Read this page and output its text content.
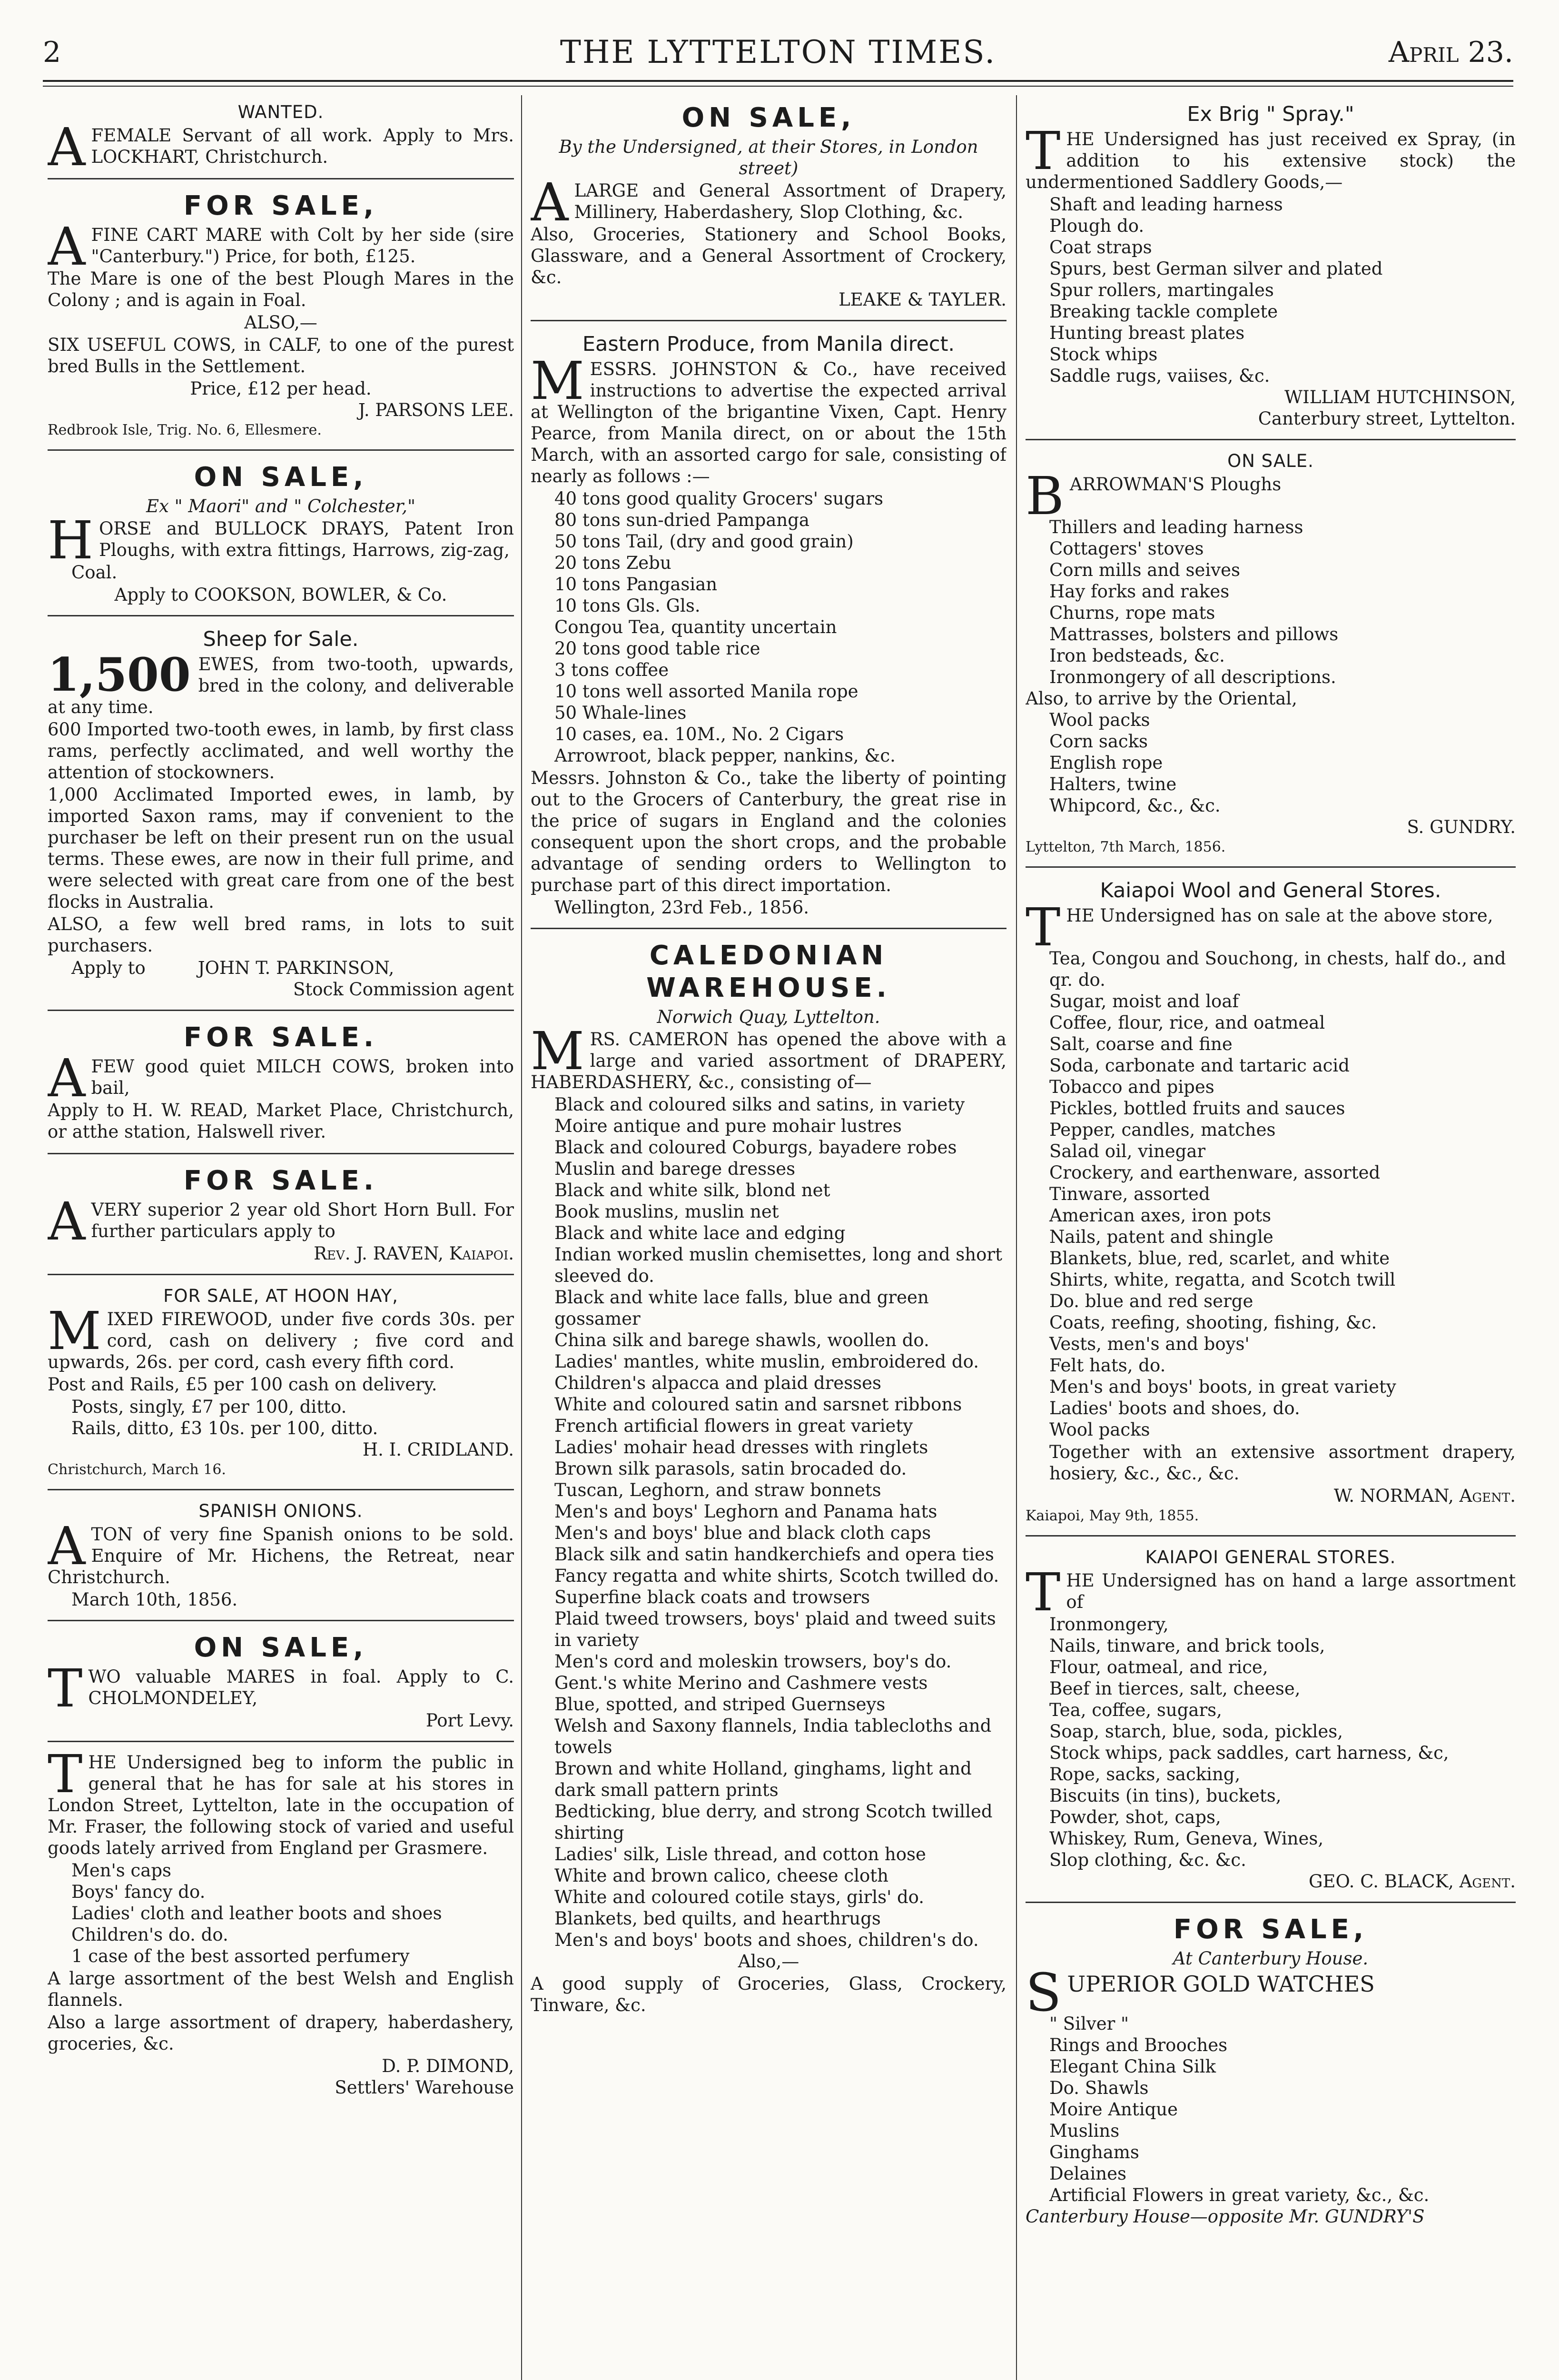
2	THE LYTTELTON TIMES.	April 23.
WANTED.
AFEMALE Servant of all work. Apply to Mrs. LOCKHART, Christchurch.
FOR SALE,
AFINE CART MARE with Colt by her side (sire "Canterbury.") Price, for both, £125.
The Mare is one of the best Plough Mares in the Colony ; and is again in Foal.
ALSO,—
SIX USEFUL COWS, in CALF, to one of the purest bred Bulls in the Settlement.
Price, £12 per head.
J. PARSONS LEE.
Redbrook Isle, Trig. No. 6, Ellesmere.
ON SALE,
Ex " Maori" and " Colchester,"
HORSE and BULLOCK DRAYS, Patent Iron Ploughs, with extra fittings, Harrows, zig-zag,
Coal.
Apply to COOKSON, BOWLER, & Co.
Sheep for Sale.
1,500 EWES, from two-tooth, upwards, bred in the colony, and deliverable at any time.
600 Imported two-tooth ewes, in lamb, by first class rams, perfectly acclimated, and well worthy the attention of stockowners.
1,000 Acclimated Imported ewes, in lamb, by imported Saxon rams, may if convenient to the purchaser be left on their present run on the usual terms. These ewes, are now in their full prime, and were selected with great care from one of the best flocks in Australia.
ALSO, a few well bred rams, in lots to suit purchasers.
Apply to	JOHN T. PARKINSON,
Stock Commission agent
FOR SALE.
AFEW good quiet MILCH COWS, broken into bail,
Apply to H. W. READ, Market Place, Christchurch, or atthe station, Halswell river.
FOR SALE.
AVERY superior 2 year old Short Horn Bull. For further particulars apply to
Rev. J. RAVEN, Kaiapoi.
FOR SALE, AT HOON HAY,
MIXED FIREWOOD, under five cords 30s. per cord, cash on delivery ; five cord and upwards, 26s. per cord, cash every fifth cord.
Post and Rails, £5 per 100 cash on delivery.
Posts, singly, £7 per 100, ditto.
Rails, ditto, £3 10s. per 100, ditto.
H. I. CRIDLAND.
Christchurch, March 16.
SPANISH ONIONS.
ATON of very fine Spanish onions to be sold. Enquire of Mr. Hichens, the Retreat, near Christchurch.
March 10th, 1856.
ON SALE,
TWO valuable MARES in foal. Apply to C. CHOLMONDELEY,
Port Levy.
THE Undersigned beg to inform the public in general that he has for sale at his stores in London Street, Lyttelton, late in the occupation of Mr. Fraser, the following stock of varied and useful goods lately arrived from England per Grasmere.
Men's caps
Boys' fancy do.
Ladies' cloth and leather boots and shoes
Children's do. do.
1 case of the best assorted perfumery
A large assortment of the best Welsh and English flannels.
Also a large assortment of drapery, haberdashery, groceries, &c.
D. P. DIMOND,
Settlers' Warehouse
ON SALE,
By the Undersigned, at their Stores, in London street)
ALARGE and General Assortment of Drapery, Millinery, Haberdashery, Slop Clothing, &c.
Also, Groceries, Stationery and School Books, Glassware, and a General Assortment of Crockery, &c.
LEAKE & TAYLER.
Eastern Produce, from Manila direct.
MESSRS. JOHNSTON & Co., have received instructions to advertise the expected arrival at Wellington of the brigantine Vixen, Capt. Henry Pearce, from Manila direct, on or about the 15th March, with an assorted cargo for sale, consisting of nearly as follows :—
40 tons good quality Grocers' sugars
80 tons sun-dried Pampanga
50 tons Tail, (dry and good grain)
20 tons Zebu
10 tons Pangasian
10 tons Gls. Gls.
Congou Tea, quantity uncertain
20 tons good table rice
3 tons coffee
10 tons well assorted Manila rope
50 Whale-lines
10 cases, ea. 10M., No. 2 Cigars
Arrowroot, black pepper, nankins, &c.
Messrs. Johnston & Co., take the liberty of pointing out to the Grocers of Canterbury, the great rise in the price of sugars in England and the colonies consequent upon the short crops, and the probable advantage of sending orders to Wellington to purchase part of this direct importation.
Wellington, 23rd Feb., 1856.
CALEDONIAN WAREHOUSE.
Norwich Quay, Lyttelton.
MRS. CAMERON has opened the above with a large and varied assortment of DRAPERY, HABERDASHERY, &c., consisting of—
Black and coloured silks and satins, in variety
Moire antique and pure mohair lustres
Black and coloured Coburgs, bayadere robes
Muslin and barege dresses
Black and white silk, blond net
Book muslins, muslin net
Black and white lace and edging
Indian worked muslin chemisettes, long and short sleeved do.
Black and white lace falls, blue and green gossamer
China silk and barege shawls, woollen do.
Ladies' mantles, white muslin, embroidered do.
Children's alpacca and plaid dresses
White and coloured satin and sarsnet ribbons
French artificial flowers in great variety
Ladies' mohair head dresses with ringlets
Brown silk parasols, satin brocaded do.
Tuscan, Leghorn, and straw bonnets
Men's and boys' Leghorn and Panama hats
Men's and boys' blue and black cloth caps
Black silk and satin handkerchiefs and opera ties
Fancy regatta and white shirts, Scotch twilled do.
Superfine black coats and trowsers
Plaid tweed trowsers, boys' plaid and tweed suits in variety
Men's cord and moleskin trowsers, boy's do.
Gent.'s white Merino and Cashmere vests
Blue, spotted, and striped Guernseys
Welsh and Saxony flannels, India tablecloths and towels
Brown and white Holland, ginghams, light and dark small pattern prints
Bedticking, blue derry, and strong Scotch twilled shirting
Ladies' silk, Lisle thread, and cotton hose
White and brown calico, cheese cloth
White and coloured cotile stays, girls' do.
Blankets, bed quilts, and hearthrugs
Men's and boys' boots and shoes, children's do.
Also,—
A good supply of Groceries, Glass, Crockery, Tinware, &c.
Ex Brig " Spray."
THE Undersigned has just received ex Spray, (in addition to his extensive stock) the undermentioned Saddlery Goods,—
Shaft and leading harness
Plough do.
Coat straps
Spurs, best German silver and plated
Spur rollers, martingales
Breaking tackle complete
Hunting breast plates
Stock whips
Saddle rugs, vaiises, &c.
WILLIAM HUTCHINSON,
Canterbury street, Lyttelton.
ON SALE.
BARROWMAN'S Ploughs
Thillers and leading harness
Cottagers' stoves
Corn mills and seives
Hay forks and rakes
Churns, rope mats
Mattrasses, bolsters and pillows
Iron bedsteads, &c.
Ironmongery of all descriptions.
Also, to arrive by the Oriental,
Wool packs
Corn sacks
English rope
Halters, twine
Whipcord, &c., &c.
S. GUNDRY.
Lyttelton, 7th March, 1856.
Kaiapoi Wool and General Stores.
THE Undersigned has on sale at the above store,
Tea, Congou and Souchong, in chests, half do., and qr. do.
Sugar, moist and loaf
Coffee, flour, rice, and oatmeal
Salt, coarse and fine
Soda, carbonate and tartaric acid
Tobacco and pipes
Pickles, bottled fruits and sauces
Pepper, candles, matches
Salad oil, vinegar
Crockery, and earthenware, assorted
Tinware, assorted
American axes, iron pots
Nails, patent and shingle
Blankets, blue, red, scarlet, and white
Shirts, white, regatta, and Scotch twill
Do. blue and red serge
Coats, reefing, shooting, fishing, &c.
Vests, men's and boys'
Felt hats, do.
Men's and boys' boots, in great variety
Ladies' boots and shoes, do.
Wool packs
Together with an extensive assortment drapery, hosiery, &c., &c., &c.
W. NORMAN, Agent.
Kaiapoi, May 9th, 1855.
KAIAPOI GENERAL STORES.
THE Undersigned has on hand a large assortment of
Ironmongery,
Nails, tinware, and brick tools,
Flour, oatmeal, and rice,
Beef in tierces, salt, cheese,
Tea, coffee, sugars,
Soap, starch, blue, soda, pickles,
Stock whips, pack saddles, cart harness, &c,
Rope, sacks, sacking,
Biscuits (in tins), buckets,
Powder, shot, caps,
Whiskey, Rum, Geneva, Wines,
Slop clothing, &c. &c.
GEO. C. BLACK, Agent.
FOR SALE,
At Canterbury House.
SUPERIOR GOLD WATCHES
" Silver "
Rings and Brooches
Elegant China Silk
Do. Shawls
Moire Antique
Muslins
Ginghams
Delaines
Artificial Flowers in great variety, &c., &c.
Canterbury House—opposite Mr. GUNDRY'S
